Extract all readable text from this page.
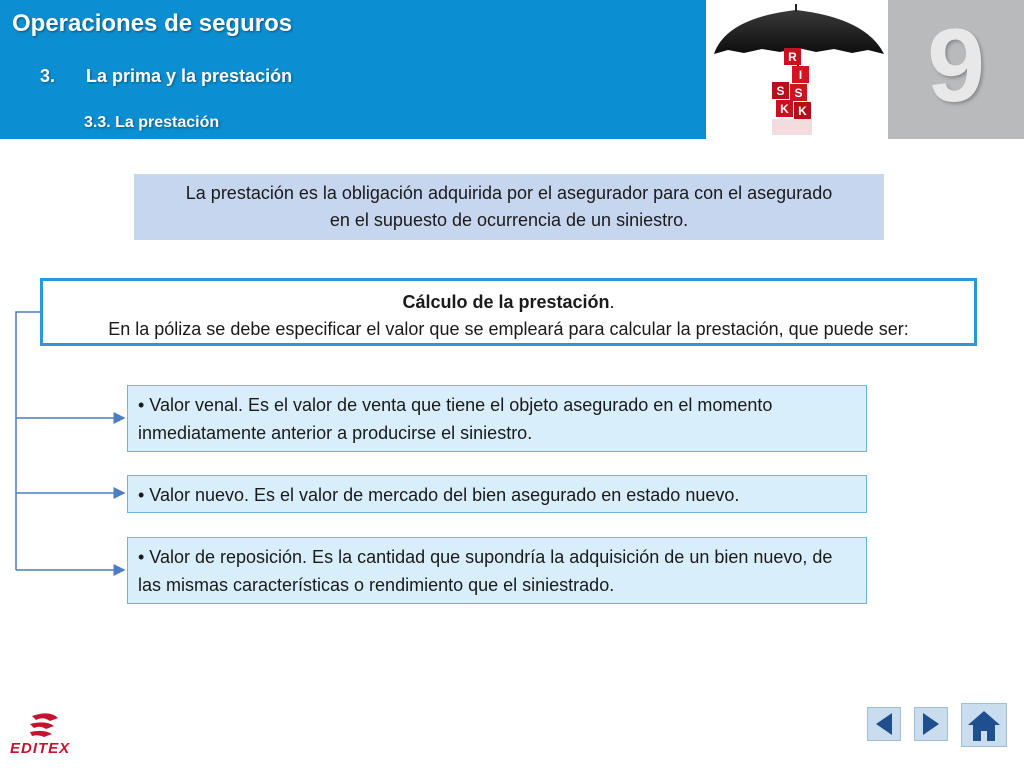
Operaciones de seguros
3. La prima y la prestación
3.3. La prestación
R
I
S S
K K	9
La prestación es la obligación adquirida por el asegurador para con el asegurado en el supuesto de ocurrencia de un siniestro.
Cálculo de la prestación.
En la póliza se debe especificar el valor que se empleará para calcular la prestación, que puede ser:
• Valor venal. Es el valor de venta que tiene el objeto asegurado en el momento inmediatamente anterior a producirse el siniestro.
• Valor nuevo. Es el valor de mercado del bien asegurado en estado nuevo.
• Valor de reposición. Es la cantidad que supondría la adquisición de un bien nuevo, de las mismas características o rendimiento que el siniestrado.
EDITEX
